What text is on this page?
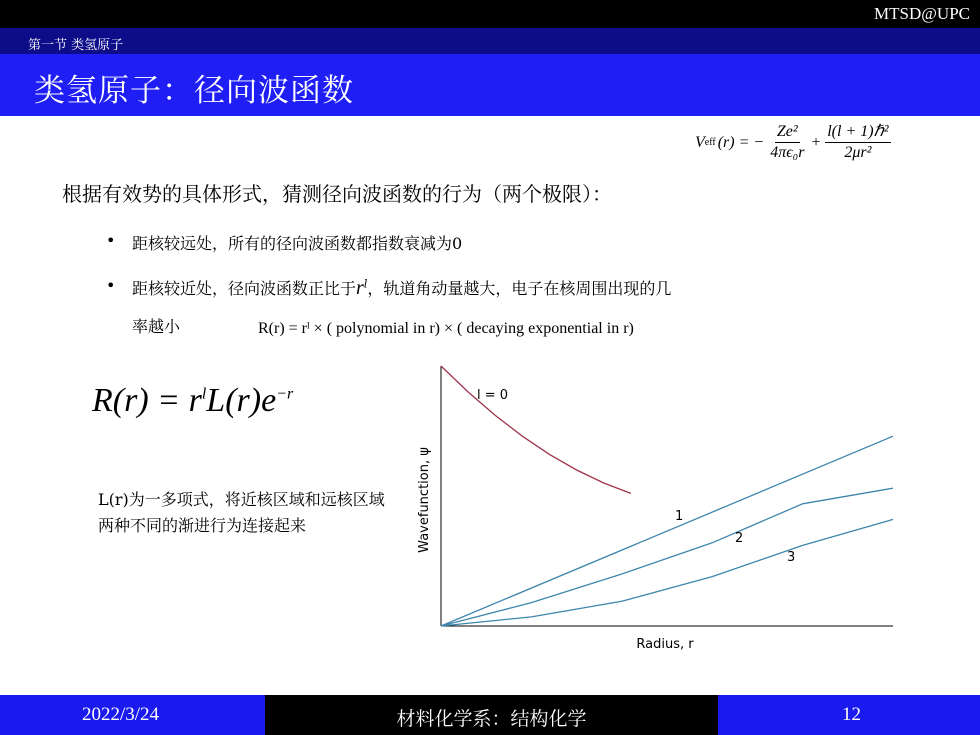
MTSD@UPC
第一节 类氢原子
类氢原子：径向波函数
V eff (r) = − $\frac{\text{Ze²}}{\text{4πϵ₀r}} + \frac{\text{l(l + 1)ℏ²}}{\text{2μr²}}$
根据有效势的具体形式，猜测径向波函数的行为（两个极限）：
• 距核较远处，所有的径向波函数都指数衰减为0
• 距核较近处，径向波函数正比于$r^l$，轨道角动量越大，电子在核周围出现的几
率越小	R(r) = rˡ × ( polynomial in r) × ( decaying exponential in r)
$R(r) = r^lL(r)e^{-r}$
L(r)为一多项式，将近核区域和远核区域两种不同的渐进行为连接起来	Wavefunction, ψ
Radius, r
l = 0
1
2
3
2022/3/24	材料化学系：结构化学	12
